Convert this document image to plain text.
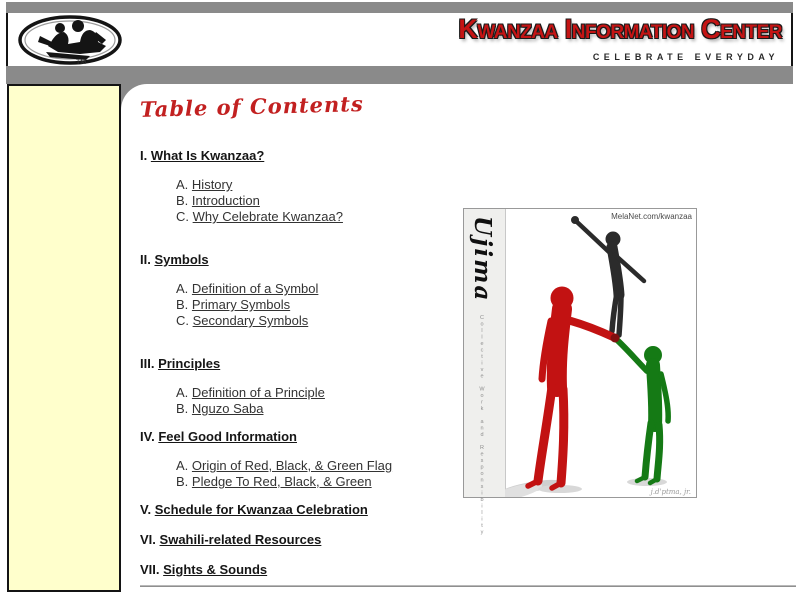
TM
Kwanzaa Information Center
CELEBRATE EVERYDAY
Table of Contents
I. What Is Kwanzaa?
A. History
B. Introduction
C. Why Celebrate Kwanzaa?
II. Symbols
A. Definition of a Symbol
B. Primary Symbols
C. Secondary Symbols
III. Principles
A. Definition of a Principle
B. Nguzo Saba
IV. Feel Good Information
A. Origin of Red, Black, & Green Flag
B. Pledge To Red, Black, & Green
V. Schedule for Kwanzaa Celebration
VI. Swahili-related Resources
VII. Sights & Sounds
Ujima
Collective Work and Responsibility
MelaNet.com/kwanzaa
j.d'ptma, jr.
